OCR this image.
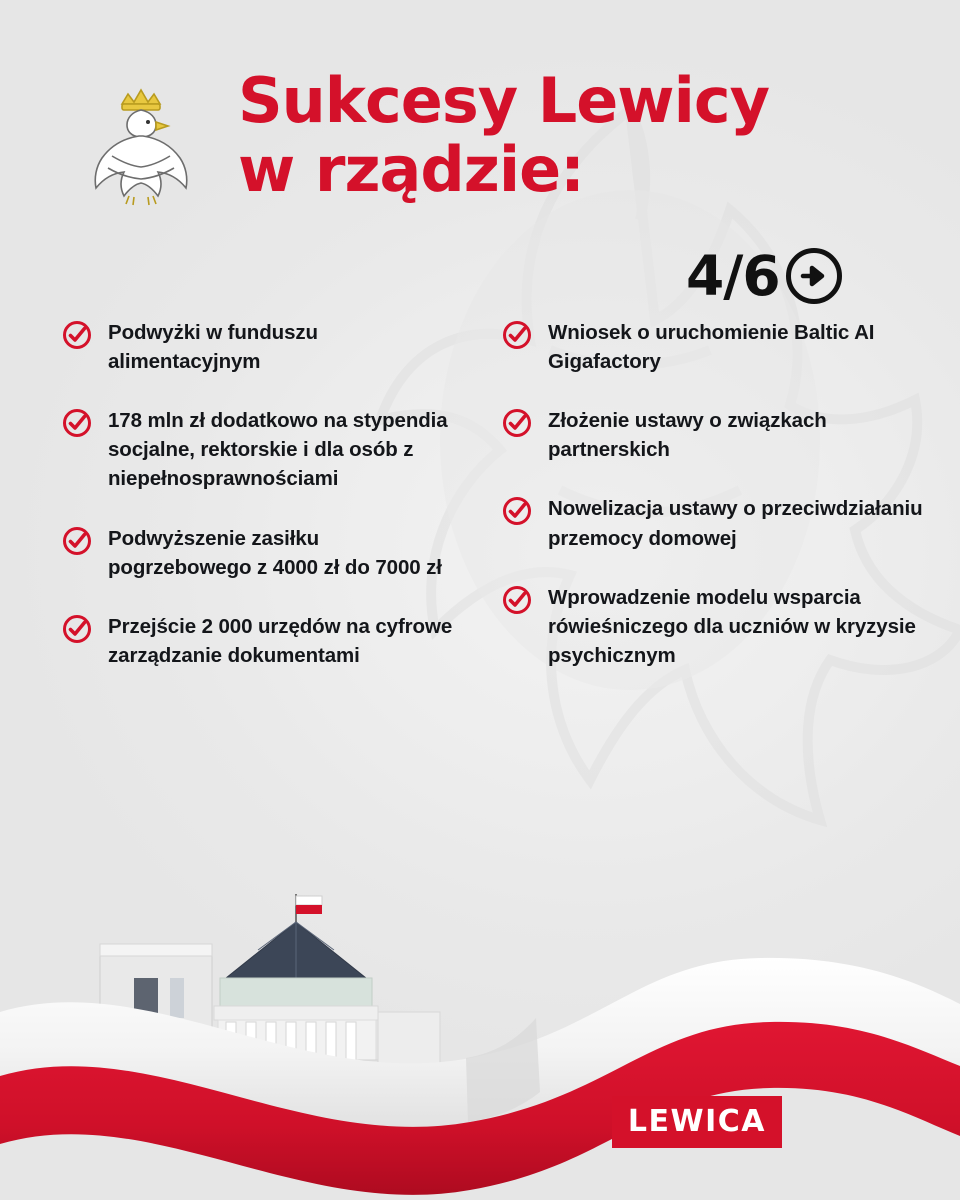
Sukcesy Lewicy
w rządzie:
4/6
Podwyżki w funduszu alimentacyjnym
178 mln zł dodatkowo na stypendia socjalne, rektorskie i dla osób z niepełnosprawnościami
Podwyższenie zasiłku pogrzebowego z 4000 zł do 7000 zł
Przejście 2 000 urzędów na cyfrowe zarządzanie dokumentami
Wniosek o uruchomienie Baltic AI Gigafactory
Złożenie ustawy o związkach partnerskich
Nowelizacja ustawy o przeciwdziałaniu przemocy domowej
Wprowadzenie modelu wsparcia rówieśniczego dla uczniów w kryzysie psychicznym
LEWICA
